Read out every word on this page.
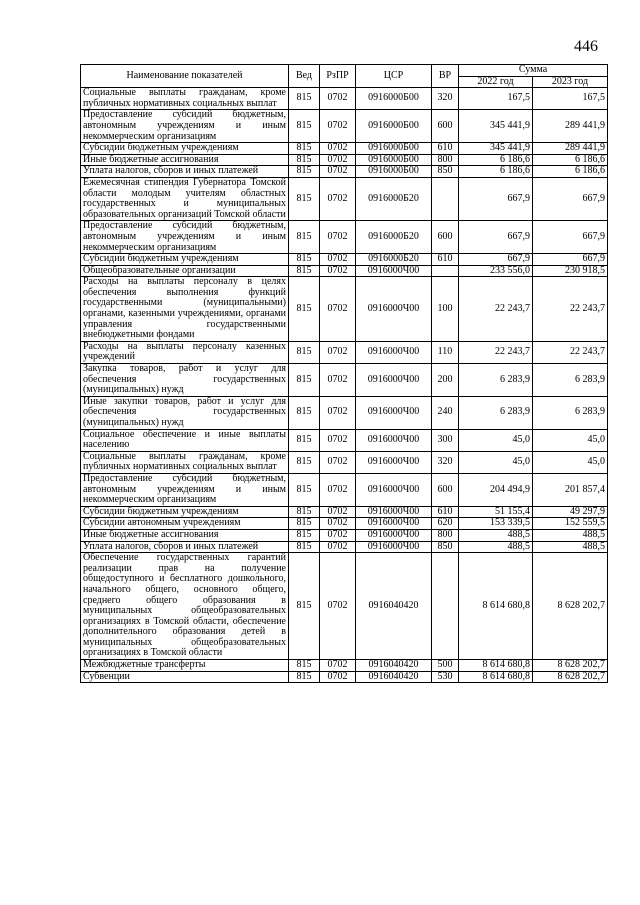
446
Наименование показателей	Вед	РзПР	ЦСР	ВР	Сумма	
					2022 год	2023 год
Социальные выплаты гражданам, кроме публичных нормативных социальных выплат	815	0702	0916000Б00	320	167,5	167,5
Предоставление субсидий бюджетным, автономным учреждениям и иным некоммерческим организациям	815	0702	0916000Б00	600	345 441,9	289 441,9
Субсидии бюджетным учреждениям	815	0702	0916000Б00	610	345 441,9	289 441,9
Иные бюджетные ассигнования	815	0702	0916000Б00	800	6 186,6	6 186,6
Уплата налогов, сборов и иных платежей	815	0702	0916000Б00	850	6 186,6	6 186,6
Ежемесячная стипендия Губернатора Томской области молодым учителям областных государственных и муниципальных образовательных организаций Томской области	815	0702	0916000Б20		667,9	667,9
Предоставление субсидий бюджетным, автономным учреждениям и иным некоммерческим организациям	815	0702	0916000Б20	600	667,9	667,9
Субсидии бюджетным учреждениям	815	0702	0916000Б20	610	667,9	667,9
Общеобразовательные организации	815	0702	0916000Ч00		233 556,0	230 918,5
Расходы на выплаты персоналу в целях обеспечения выполнения функций государственными (муниципальными) органами, казенными учреждениями, органами управления государственными внебюджетными фондами	815	0702	0916000Ч00	100	22 243,7	22 243,7
Расходы на выплаты персоналу казенных учреждений	815	0702	0916000Ч00	110	22 243,7	22 243,7
Закупка товаров, работ и услуг для обеспечения государственных (муниципальных) нужд	815	0702	0916000Ч00	200	6 283,9	6 283,9
Иные закупки товаров, работ и услуг для обеспечения государственных (муниципальных) нужд	815	0702	0916000Ч00	240	6 283,9	6 283,9
Социальное обеспечение и иные выплаты населению	815	0702	0916000Ч00	300	45,0	45,0
Социальные выплаты гражданам, кроме публичных нормативных социальных выплат	815	0702	0916000Ч00	320	45,0	45,0
Предоставление субсидий бюджетным, автономным учреждениям и иным некоммерческим организациям	815	0702	0916000Ч00	600	204 494,9	201 857,4
Субсидии бюджетным учреждениям	815	0702	0916000Ч00	610	51 155,4	49 297,9
Субсидии автономным учреждениям	815	0702	0916000Ч00	620	153 339,5	152 559,5
Иные бюджетные ассигнования	815	0702	0916000Ч00	800	488,5	488,5
Уплата налогов, сборов и иных платежей	815	0702	0916000Ч00	850	488,5	488,5
Обеспечение государственных гарантий реализации прав на получение общедоступного и бесплатного дошкольного, начального общего, основного общего, среднего общего образования в муниципальных общеобразовательных организациях в Томской области, обеспечение дополнительного образования детей в муниципальных общеобразовательных организациях в Томской области	815	0702	0916040420		8 614 680,8	8 628 202,7
Межбюджетные трансферты	815	0702	0916040420	500	8 614 680,8	8 628 202,7
Субвенции	815	0702	0916040420	530	8 614 680,8	8 628 202,7
